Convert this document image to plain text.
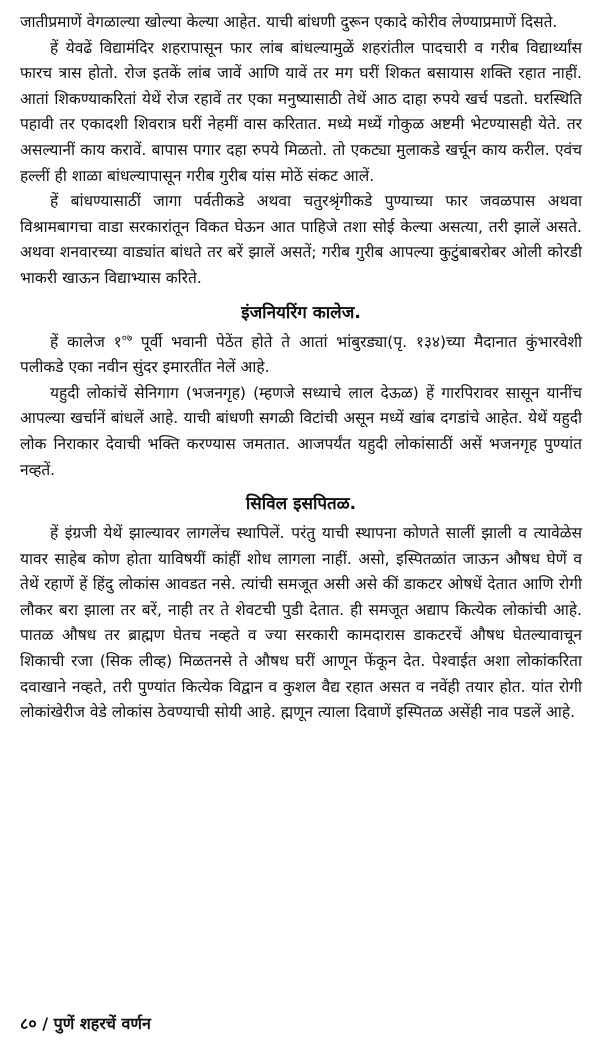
जातीप्रमाणें वेगळाल्या खोल्या केल्या आहेत. याची बांधणी दुरून एकादे कोरीव लेण्याप्रमाणें दिसते.

हें येवढें विद्यामंदिर शहरापासून फार लांब बांधल्यामुळें शहरांतील पादचारी व गरीब विद्यार्थ्यांस फारच त्रास होतो. रोज इतकें लांब जावें आणि यावें तर मग घरीं शिकत बसायास शक्ति रहात नाहीं. आतां शिकण्याकरितां येथें रोज रहावें तर एका मनुष्यासाठी तेथें आठ दाहा रुपये खर्च पडतो. घरस्थिति पहावी तर एकादशी शिवरात्र घरीं नेहमीं वास करितात. मध्ये मध्यें गोकुळ अष्टमी भेटण्यासही येते. तर असल्यानीं काय करावें. बापास पगार दहा रुपये मिळतो. तो एकट्या मुलाकडे खर्चून काय करील. एवंच हल्लीं ही शाळा बांधल्यापासून गरीब गुरीब यांस मोठें संकट आलें.

हें बांधण्यासाठीं जागा पर्वतीकडे अथवा चतुरश्रृंगीकडे पुण्याच्या फार जवळपास अथवा विश्रामबागचा वाडा सरकारांतून विकत घेऊन आत पाहिजे तशा सोई केल्या असत्या, तरी झालें असते. अथवा शनवारच्या वाड्यांत बांधते तर बरें झालें असतें; गरीब गुरीब आपल्या कुटुंबाबरोबर ओली कोरडी भाकरी खाऊन विद्याभ्यास करिते.

इंजनियरिंग कालेज.

हें कालेज $१^{०७}$ पूर्वी भवानी पेठेंत होते ते आतां भांबुरड्या(पृ. १३४)च्या मैदानात कुंभारवेशी पलीकडे एका नवीन सुंदर इमारतींत नेलें आहे.

यहुदी लोकांचें सेनिगाग (भजनगृह) (म्हणजे सध्याचे लाल देऊळ) हें गारपिरावर सासून यानींच आपल्या खर्चानें बांधलें आहे. याची बांधणी सगळी विटांची असून मध्यें खांब दगडांचे आहेत. येथें यहुदी लोक निराकार देवाची भक्ति करण्यास जमतात. आजपर्यंत यहुदी लोकांसाठीं असें भजनगृह पुण्यांत नव्हतें.

सिविल इसपितळ.

हें इंग्रजी येथें झाल्यावर लागलेंच स्थापिलें. परंतु याची स्थापना कोणते सालीं झाली व त्यावेळेस यावर साहेब कोण होता याविषयीं कांहीं शोध लागला नाहीं. असो, इस्पितळांत जाऊन औषध घेणें व तेथें रहाणें हें हिंदु लोकांस आवडत नसे. त्यांची समजूत असी असे कीं डाकटर ओषधें देतात आणि रोगी लौकर बरा झाला तर बरें, नाही तर ते शेवटची पुडी देतात. ही समजूत अद्याप कित्येक लोकांची आहे. पातळ औषध तर ब्राह्मण घेतच नव्हते व ज्या सरकारी कामदारास डाकटरचें औषध घेतल्यावाचून शिकाची रजा (सिक लीव्ह) मिळतनसे ते औषध घरीं आणून फेंकून देत. पेश्वाईत अशा लोकांकरिता दवाखाने नव्हते, तरी पुण्यांत कित्येक विद्वान व कुशल वैद्य रहात असत व नवेंही तयार होत. यांत रोगी लोकांखेरीज वेडे लोकांस ठेवण्याची सोयी आहे. ह्मणून त्याला दिवाणें इस्पितळ असेंही नाव पडलें आहे.

८० / पुणें शहरचें वर्णन
